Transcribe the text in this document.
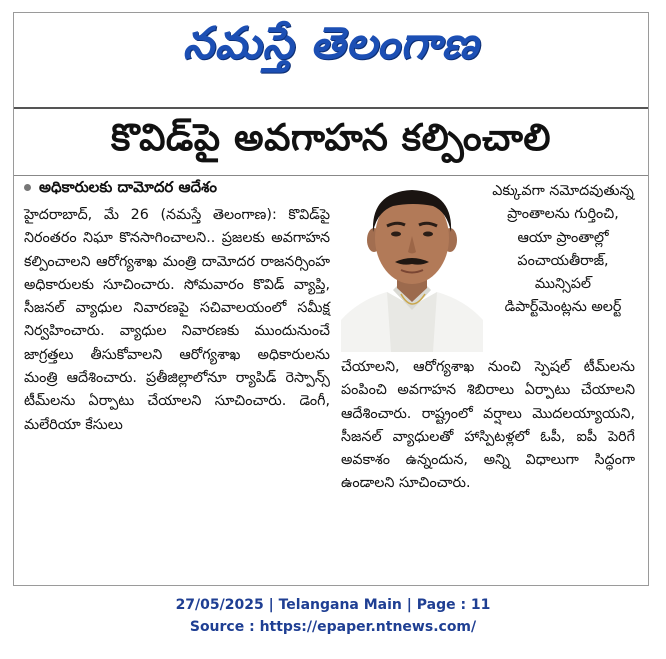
నమస్తే తెలంగాణ
కొవిడ్‌పై అవగాహన కల్పించాలి
అధికారులకు దామోదర ఆదేశం

హైదరాబాద్, మే 26 (నమస్తే తెలంగాణ): కొవిడ్‌పై నిరంతరం నిఘా కొనసాగించాలని.. ప్రజలకు అవగాహన కల్పించాలని ఆరోగ్యశాఖ మంత్రి దామోదర రాజనర్సింహ అధికారులకు సూచించారు. సోమవారం కొవిడ్ వ్యాప్తి, సీజనల్ వ్యాధుల నివారణపై సచివాలయంలో సమీక్ష నిర్వహించారు. వ్యాధుల నివారణకు ముందునుంచే జాగ్రత్తలు తీసుకోవాలని ఆరోగ్యశాఖ అధికారులను మంత్రి ఆదేశించారు. ప్రతీజిల్లాలోనూ ర్యాపిడ్ రెస్పాన్స్ టీమ్‌లను ఏర్పాటు చేయాలని సూచించారు. డెంగీ, మలేరియా కేసులు

ఎక్కువగా నమోదవుతున్న ప్రాంతాలను గుర్తించి, ఆయా ప్రాంతాల్లో పంచాయతీరాజ్, మున్సిపల్ డిపార్ట్‌మెంట్లను అలర్ట్

చేయాలని, ఆరోగ్యశాఖ నుంచి స్పెషల్ టీమ్‌లను పంపించి అవగాహన శిబిరాలు ఏర్పాటు చేయాలని ఆదేశించారు. రాష్ట్రంలో వర్షాలు మొదలయ్యాయని, సీజనల్ వ్యాధులతో హాస్పిటళ్లలో ఓపీ, ఐపీ పెరిగే అవకాశం ఉన్నందున, అన్ని విధాలుగా సిద్ధంగా ఉండాలని సూచించారు.

27/05/2025 | Telangana Main | Page : 11
Source : https://epaper.ntnews.com/
